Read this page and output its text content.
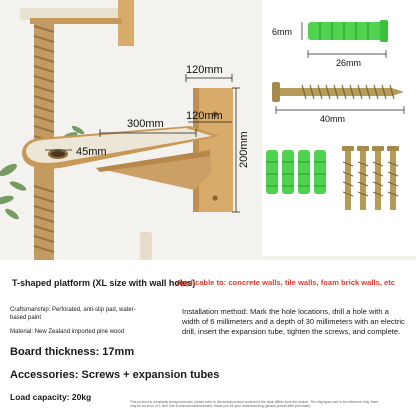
120mm
300mm
120mm
200mm
45mm
6mm
26mm
40mm
T-shaped platform (XL size with wall holes)
Applicable to: concrete walls, tile walls, foam brick walls, etc
Craftsmanship: Perforated, anti-slip pad, water-based paint
Material: New Zealand imported pine wood
Installation method: Mark the hole locations, drill a hole with a width of 6 millimeters and a depth of 30 millimeters with an electric drill, insert the expansion tube, tighten the screws, and complete.
Board thickness: 17mm
Accessories: Screws + expansion tubes
Load capacity: 20kg	This product is constantly being improved, please refer to the actual product received if the style differs from the picture. The displayed size is for reference only, there may be an error of 1-3cm due to manual measurement, thank you for your understanding (please prevail after purchase)
